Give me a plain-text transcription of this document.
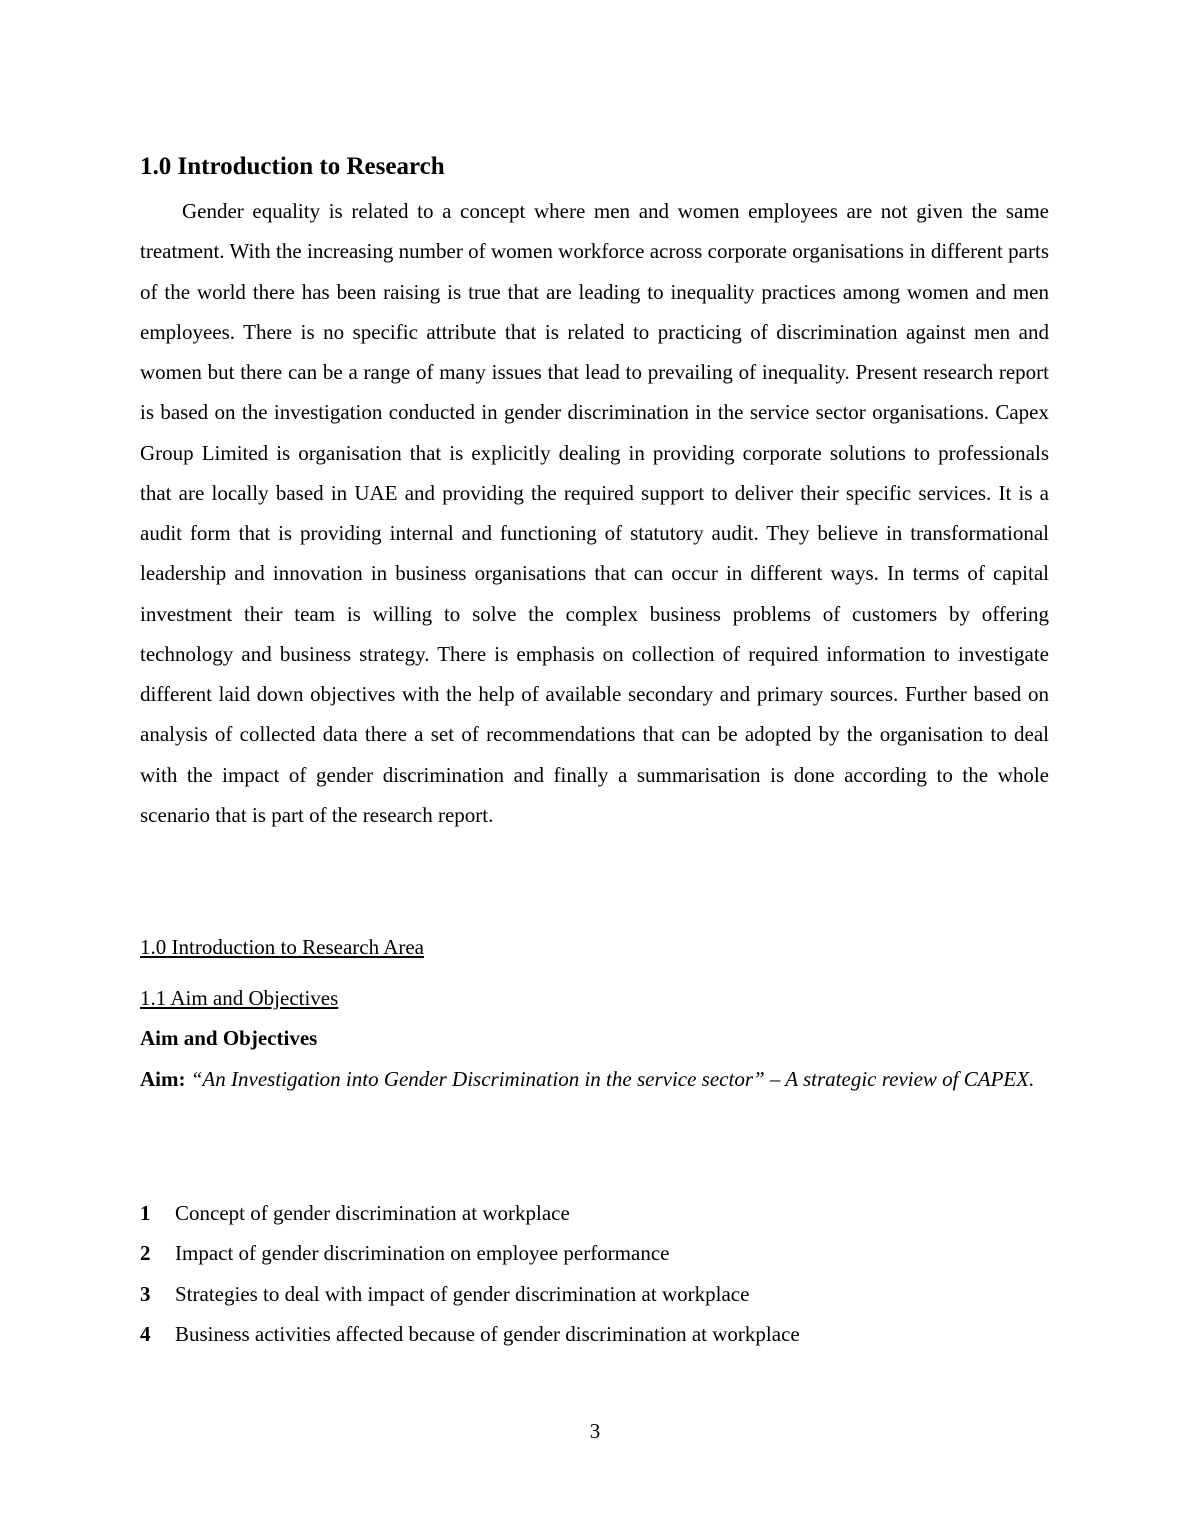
1.0 Introduction to Research

Gender equality is related to a concept where men and women employees are not given the same treatment. With the increasing number of women workforce across corporate organisations in different parts of the world there has been raising is true that are leading to inequality practices among women and men employees. There is no specific attribute that is related to practicing of discrimination against men and women but there can be a range of many issues that lead to prevailing of inequality. Present research report is based on the investigation conducted in gender discrimination in the service sector organisations. Capex Group Limited is organisation that is explicitly dealing in providing corporate solutions to professionals that are locally based in UAE and providing the required support to deliver their specific services. It is a audit form that is providing internal and functioning of statutory audit. They believe in transformational leadership and innovation in business organisations that can occur in different ways. In terms of capital investment their team is willing to solve the complex business problems of customers by offering technology and business strategy. There is emphasis on collection of required information to investigate different laid down objectives with the help of available secondary and primary sources. Further based on analysis of collected data there a set of recommendations that can be adopted by the organisation to deal with the impact of gender discrimination and finally a summarisation is done according to the whole scenario that is part of the research report.

1.0 Introduction to Research Area

1.1 Aim and Objectives

Aim and Objectives

Aim: “An Investigation into Gender Discrimination in the service sector” – A strategic review of CAPEX.

1 Concept of gender discrimination at workplace
2 Impact of gender discrimination on employee performance
3 Strategies to deal with impact of gender discrimination at workplace
4 Business activities affected because of gender discrimination at workplace
3
